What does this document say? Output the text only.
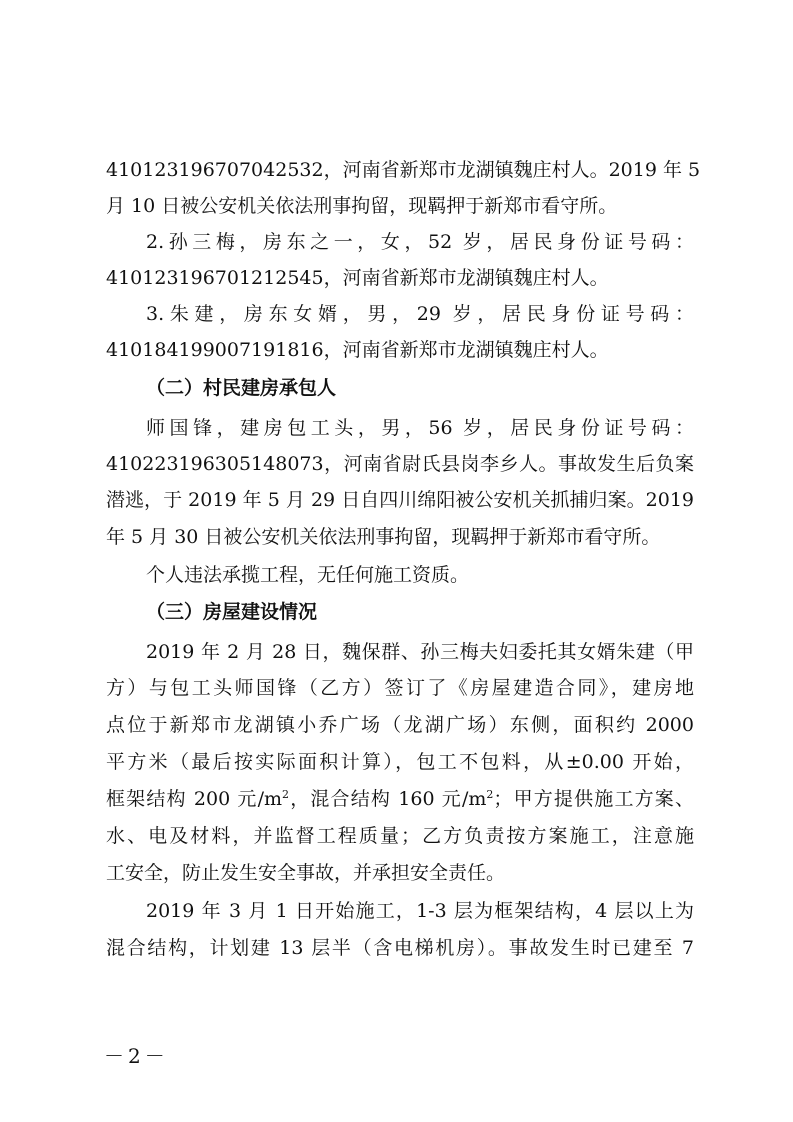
410123196707042532，河南省新郑市龙湖镇魏庄村人。2019 年 5
月 10 日被公安机关依法刑事拘留，现羁押于新郑市看守所。
2.孙三梅，房东之一，女，52 岁，居民身份证号码：
410123196701212545，河南省新郑市龙湖镇魏庄村人。
3.朱建，房东女婿，男，29 岁，居民身份证号码：
410184199007191816，河南省新郑市龙湖镇魏庄村人。
（二）村民建房承包人
师国锋，建房包工头，男，56 岁，居民身份证号码：
410223196305148073，河南省尉氏县岗李乡人。事故发生后负案
潜逃，于 2019 年 5 月 29 日自四川绵阳被公安机关抓捕归案。2019
年 5 月 30 日被公安机关依法刑事拘留，现羁押于新郑市看守所。
个人违法承揽工程，无任何施工资质。
（三）房屋建设情况
2019 年 2 月 28 日，魏保群、孙三梅夫妇委托其女婿朱建（甲
方）与包工头师国锋（乙方）签订了《房屋建造合同》，建房地
点位于新郑市龙湖镇小乔广场（龙湖广场）东侧，面积约 2000
平方米（最后按实际面积计算），包工不包料，从±0.00 开始，
框架结构 200 元$/m^2$，混合结构 160 元$/m^2$；甲方提供施工方案、
水、电及材料，并监督工程质量；乙方负责按方案施工，注意施
工安全，防止发生安全事故，并承担安全责任。
2019 年 3 月 1 日开始施工，1-3 层为框架结构，4 层以上为
混合结构，计划建 13 层半（含电梯机房）。事故发生时已建至 7
－2－
